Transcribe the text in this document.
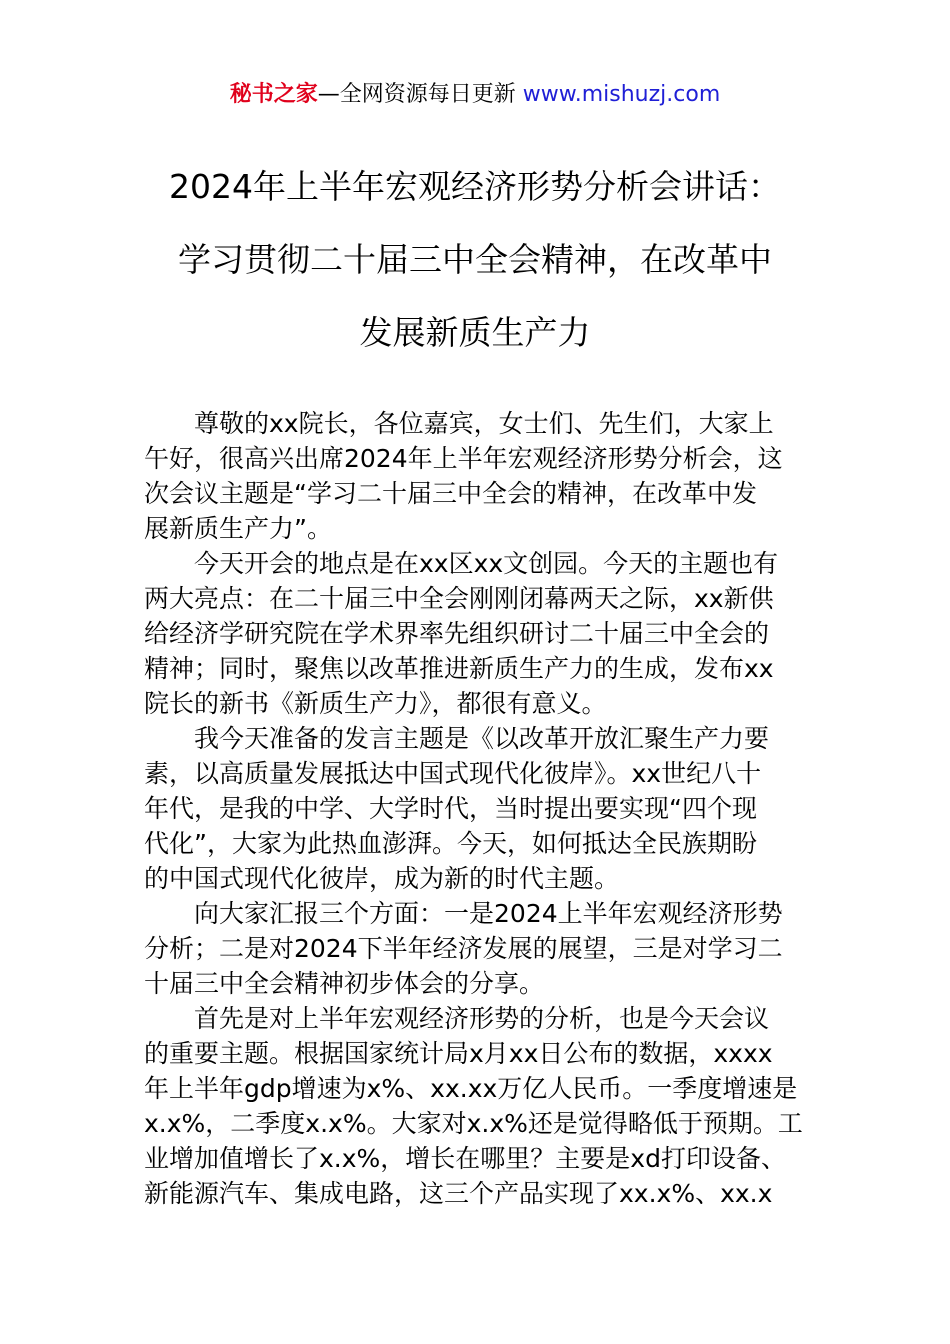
秘书之家—全网资源每日更新 www.mishuzj.com
2024年上半年宏观经济形势分析会讲话：
学习贯彻二十届三中全会精神，在改革中
发展新质生产力
尊敬的xx院长，各位嘉宾，女士们、先生们，大家上
午好，很高兴出席2024年上半年宏观经济形势分析会，这
次会议主题是“学习二十届三中全会的精神，在改革中发
展新质生产力”。
今天开会的地点是在xx区xx文创园。今天的主题也有
两大亮点：在二十届三中全会刚刚闭幕两天之际，xx新供
给经济学研究院在学术界率先组织研讨二十届三中全会的
精神；同时，聚焦以改革推进新质生产力的生成，发布xx
院长的新书《新质生产力》，都很有意义。
我今天准备的发言主题是《以改革开放汇聚生产力要
素，以高质量发展抵达中国式现代化彼岸》。xx世纪八十
年代，是我的中学、大学时代，当时提出要实现“四个现
代化”，大家为此热血澎湃。今天，如何抵达全民族期盼
的中国式现代化彼岸，成为新的时代主题。
向大家汇报三个方面：一是2024上半年宏观经济形势
分析；二是对2024下半年经济发展的展望，三是对学习二
十届三中全会精神初步体会的分享。
首先是对上半年宏观经济形势的分析，也是今天会议
的重要主题。根据国家统计局x月xx日公布的数据，xxxx
年上半年gdp增速为x%、xx.xx万亿人民币。一季度增速是
x.x%，二季度x.x%。大家对x.x%还是觉得略低于预期。工
业增加值增长了x.x%，增长在哪里？主要是xd打印设备、
新能源汽车、集成电路，这三个产品实现了xx.x%、xx.x
